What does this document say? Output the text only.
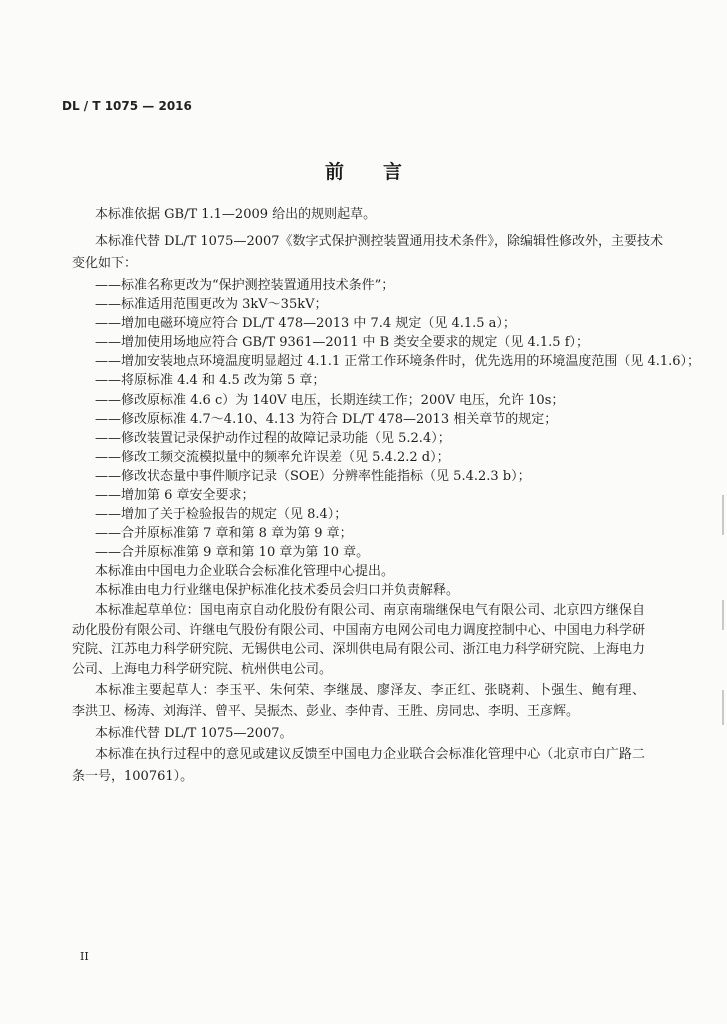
DL / T 1075 — 2016
前　言
本标准依据 GB/T 1.1—2009 给出的规则起草。
本标准代替 DL/T 1075—2007《数字式保护测控装置通用技术条件》，除编辑性修改外，主要技术
变化如下：
——标准名称更改为“保护测控装置通用技术条件”；
——标准适用范围更改为 3kV～35kV；
——增加电磁环境应符合 DL/T 478—2013 中 7.4 规定（见 4.1.5 a）；
——增加使用场地应符合 GB/T 9361—2011 中 B 类安全要求的规定（见 4.1.5 f）；
——增加安装地点环境温度明显超过 4.1.1 正常工作环境条件时，优先选用的环境温度范围（见 4.1.6）；
——将原标准 4.4 和 4.5 改为第 5 章；
——修改原标准 4.6 c）为 140V 电压，长期连续工作；200V 电压，允许 10s；
——修改原标准 4.7～4.10、4.13 为符合 DL/T 478—2013 相关章节的规定；
——修改装置记录保护动作过程的故障记录功能（见 5.2.4）；
——修改工频交流模拟量中的频率允许误差（见 5.4.2.2 d）；
——修改状态量中事件顺序记录（SOE）分辨率性能指标（见 5.4.2.3 b）；
——增加第 6 章安全要求；
——增加了关于检验报告的规定（见 8.4）；
——合并原标准第 7 章和第 8 章为第 9 章；
——合并原标准第 9 章和第 10 章为第 10 章。
本标准由中国电力企业联合会标准化管理中心提出。
本标准由电力行业继电保护标准化技术委员会归口并负责解释。
本标准起草单位：国电南京自动化股份有限公司、南京南瑞继保电气有限公司、北京四方继保自
动化股份有限公司、许继电气股份有限公司、中国南方电网公司电力调度控制中心、中国电力科学研
究院、江苏电力科学研究院、无锡供电公司、深圳供电局有限公司、浙江电力科学研究院、上海电力
公司、上海电力科学研究院、杭州供电公司。
本标准主要起草人：李玉平、朱何荣、李继晟、廖泽友、李正红、张晓莉、卜强生、鲍有理、
李洪卫、杨涛、刘海洋、曾平、吴振杰、彭业、李仲青、王胜、房同忠、李明、王彦辉。
本标准代替 DL/T 1075—2007。
本标准在执行过程中的意见或建议反馈至中国电力企业联合会标准化管理中心（北京市白广路二
条一号，100761）。
II
